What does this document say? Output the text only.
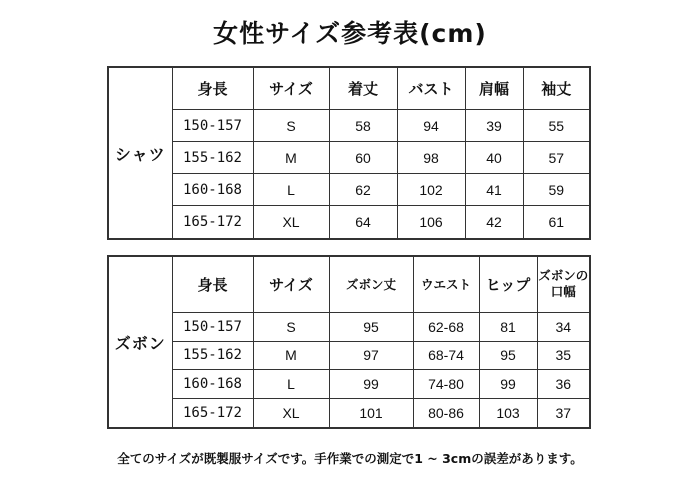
女性サイズ参考表(cm)
シャツ	身長	サイズ	着丈	バスト	肩幅	袖丈
	150-157	S	58	94	39	55
	155-162	M	60	98	40	57
	160-168	L	62	102	41	59
	165-172	XL	64	106	42	61
ズボン	身長	サイズ	ズボン丈	ウエスト	ヒップ	ズボンの口幅
	150-157	S	95	62-68	81	34
	155-162	M	97	68-74	95	35
	160-168	L	99	74-80	99	36
	165-172	XL	101	80-86	103	37
全てのサイズが既製服サイズです。手作業での測定で1 ~ 3cmの誤差があります。
